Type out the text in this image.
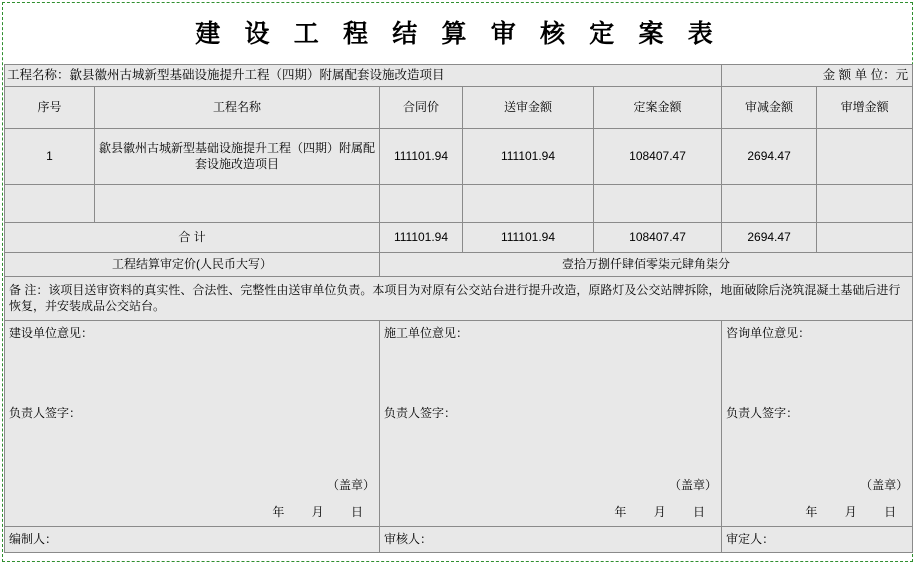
建 设 工 程 结 算 审 核 定 案 表
工程名称：歙县徽州古城新型基础设施提升工程（四期）附属配套设施改造项目					金 额 单 位：元	
序号	工程名称	合同价	送审金额	定案金额	审减金额	审增金额
1	歙县徽州古城新型基础设施提升工程（四期）附属配套设施改造项目	111101.94	111101.94	108407.47	2694.47	

合 计		111101.94	111101.94	108407.47	2694.47	
工程结算审定价(人民币大写）		壹拾万捌仟肆佰零柒元肆角柒分				
备 注：该项目送审资料的真实性、合法性、完整性由送审单位负责。本项目为对原有公交站台进行提升改造，原路灯及公交站牌拆除，地面破除后浇筑混凝土基础后进行恢复，并安装成品公交站台。						
建设单位意见：		施工单位意见：			咨询单位意见：	

负责人签字：		负责人签字：			负责人签字：	

（盖章）		（盖章）			（盖章）	
年 月 日		年 月 日			年 月 日	
编制人：		审核人：			审定人：	
